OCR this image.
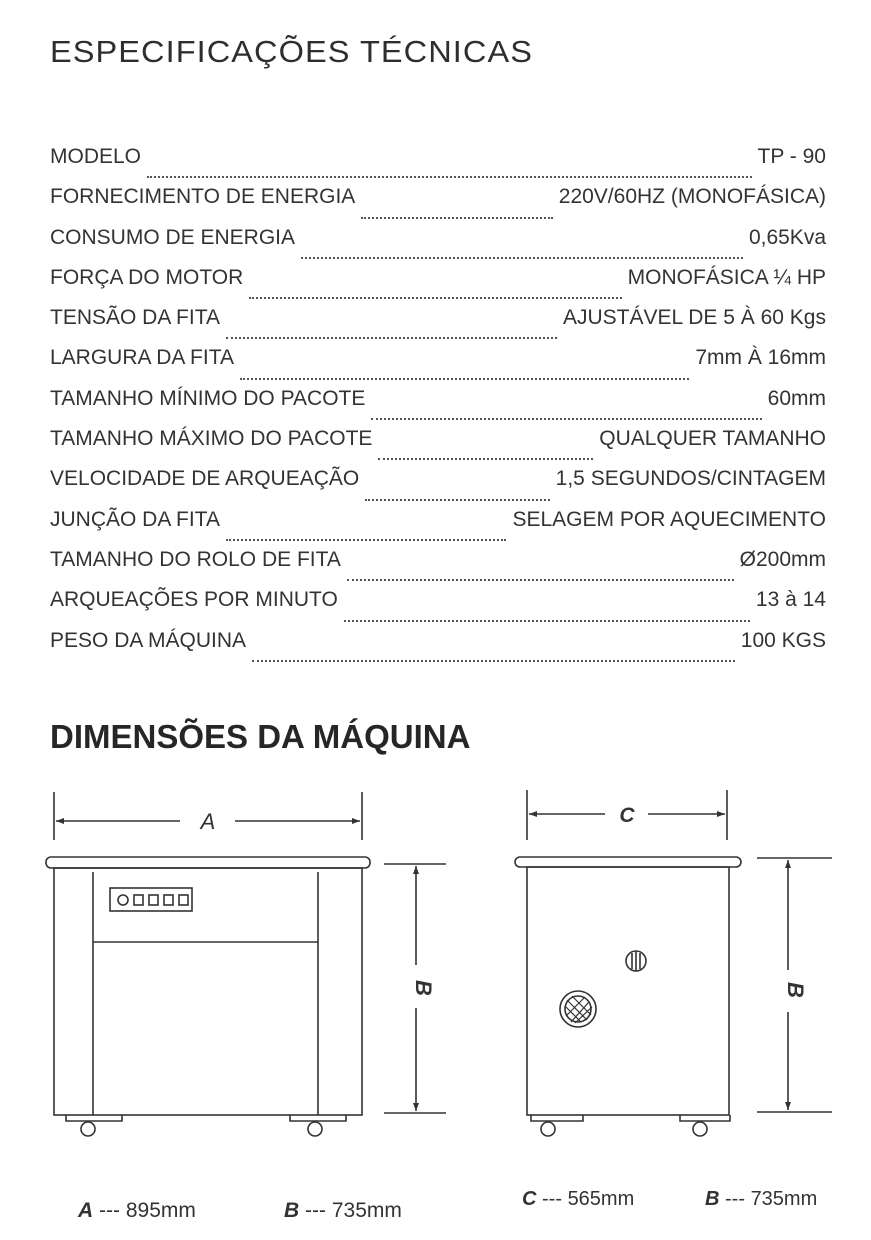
ESPECIFICAÇÕES TÉCNICAS
MODELO	TP - 90
FORNECIMENTO DE ENERGIA	220V/60HZ (MONOFÁSICA)
CONSUMO DE ENERGIA	0,65Kva
FORÇA DO MOTOR	MONOFÁSICA ¼ HP
TENSÃO DA FITA	AJUSTÁVEL DE 5 À 60 Kgs
LARGURA DA FITA	7mm À 16mm
TAMANHO MÍNIMO DO PACOTE	60mm
TAMANHO MÁXIMO DO PACOTE	QUALQUER TAMANHO
VELOCIDADE DE ARQUEAÇÃO	1,5 SEGUNDOS/CINTAGEM
JUNÇÃO DA FITA	SELAGEM POR AQUECIMENTO
TAMANHO DO ROLO DE FITA	Ø200mm
ARQUEAÇÕES POR MINUTO	13 à 14
PESO DA MÁQUINA	100 KGS
DIMENSÕES DA MÁQUINA
A
B
C
B
A --- 895mm	B --- 735mm	C --- 565mm	B --- 735mm
